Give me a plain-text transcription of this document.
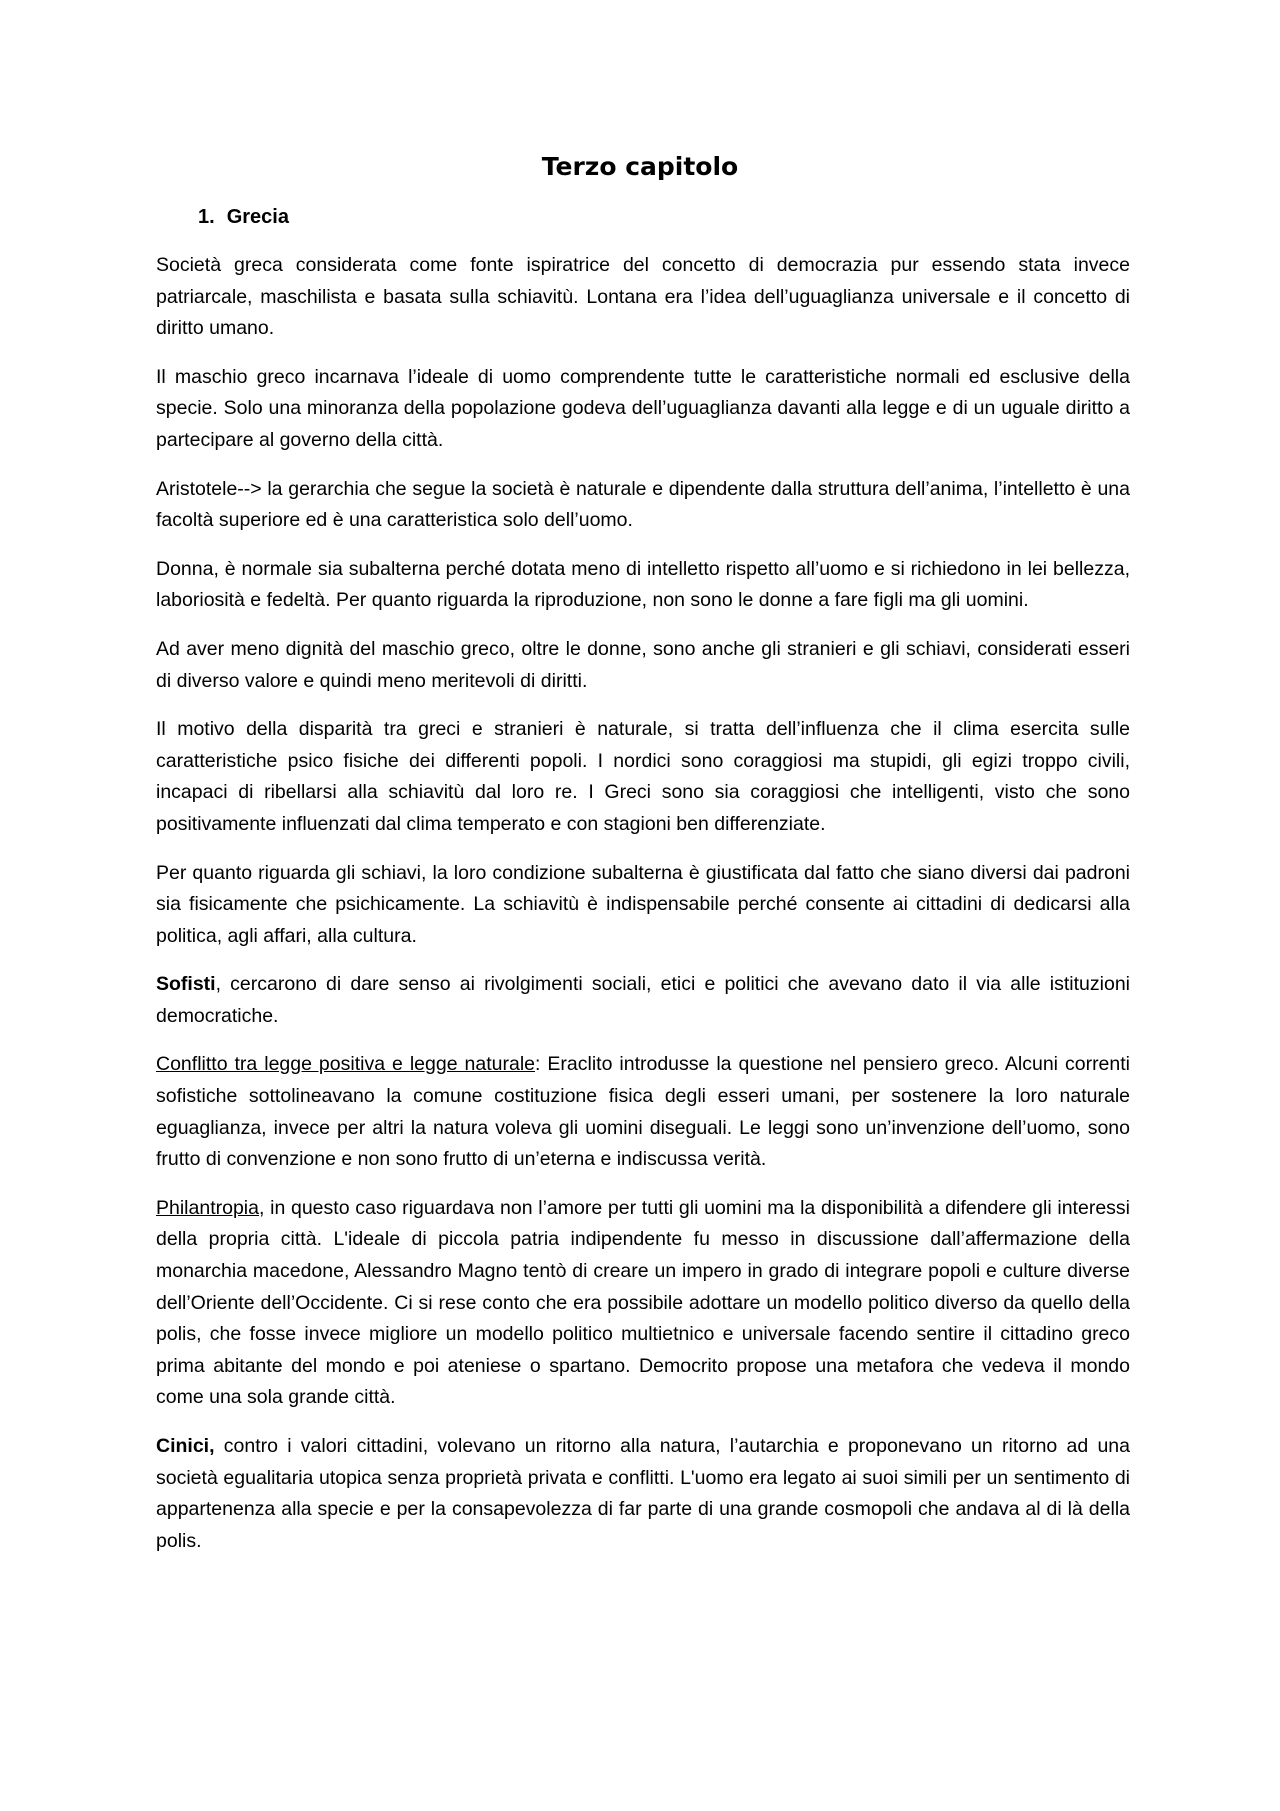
Terzo capitolo
1. Grecia

Società greca considerata come fonte ispiratrice del concetto di democrazia pur essendo stata invece patriarcale, maschilista e basata sulla schiavitù. Lontana era l’idea dell’uguaglianza universale e il concetto di diritto umano.

Il maschio greco incarnava l’ideale di uomo comprendente tutte le caratteristiche normali ed esclusive della specie. Solo una minoranza della popolazione godeva dell’uguaglianza davanti alla legge e di un uguale diritto a partecipare al governo della città.

Aristotele--> la gerarchia che segue la società è naturale e dipendente dalla struttura dell’anima, l’intelletto è una facoltà superiore ed è una caratteristica solo dell’uomo.

Donna, è normale sia subalterna perché dotata meno di intelletto rispetto all’uomo e si richiedono in lei bellezza, laboriosità e fedeltà. Per quanto riguarda la riproduzione, non sono le donne a fare figli ma gli uomini.

Ad aver meno dignità del maschio greco, oltre le donne, sono anche gli stranieri e gli schiavi, considerati esseri di diverso valore e quindi meno meritevoli di diritti.

Il motivo della disparità tra greci e stranieri è naturale, si tratta dell’influenza che il clima esercita sulle caratteristiche psico fisiche dei differenti popoli. I nordici sono coraggiosi ma stupidi, gli egizi troppo civili, incapaci di ribellarsi alla schiavitù dal loro re. I Greci sono sia coraggiosi che intelligenti, visto che sono positivamente influenzati dal clima temperato e con stagioni ben differenziate.

Per quanto riguarda gli schiavi, la loro condizione subalterna è giustificata dal fatto che siano diversi dai padroni sia fisicamente che psichicamente. La schiavitù è indispensabile perché consente ai cittadini di dedicarsi alla politica, agli affari, alla cultura.

Sofisti, cercarono di dare senso ai rivolgimenti sociali, etici e politici che avevano dato il via alle istituzioni democratiche.

Conflitto tra legge positiva e legge naturale: Eraclito introdusse la questione nel pensiero greco. Alcuni correnti sofistiche sottolineavano la comune costituzione fisica degli esseri umani, per sostenere la loro naturale eguaglianza, invece per altri la natura voleva gli uomini diseguali. Le leggi sono un’invenzione dell’uomo, sono frutto di convenzione e non sono frutto di un’eterna e indiscussa verità.

Philantropia, in questo caso riguardava non l’amore per tutti gli uomini ma la disponibilità a difendere gli interessi della propria città. L'ideale di piccola patria indipendente fu messo in discussione dall’affermazione della monarchia macedone, Alessandro Magno tentò di creare un impero in grado di integrare popoli e culture diverse dell’Oriente dell’Occidente. Ci si rese conto che era possibile adottare un modello politico diverso da quello della polis, che fosse invece migliore un modello politico multietnico e universale facendo sentire il cittadino greco prima abitante del mondo e poi ateniese o spartano. Democrito propose una metafora che vedeva il mondo come una sola grande città.

Cinici, contro i valori cittadini, volevano un ritorno alla natura, l’autarchia e proponevano un ritorno ad una società egualitaria utopica senza proprietà privata e conflitti. L'uomo era legato ai suoi simili per un sentimento di appartenenza alla specie e per la consapevolezza di far parte di una grande cosmopoli che andava al di là della polis.
